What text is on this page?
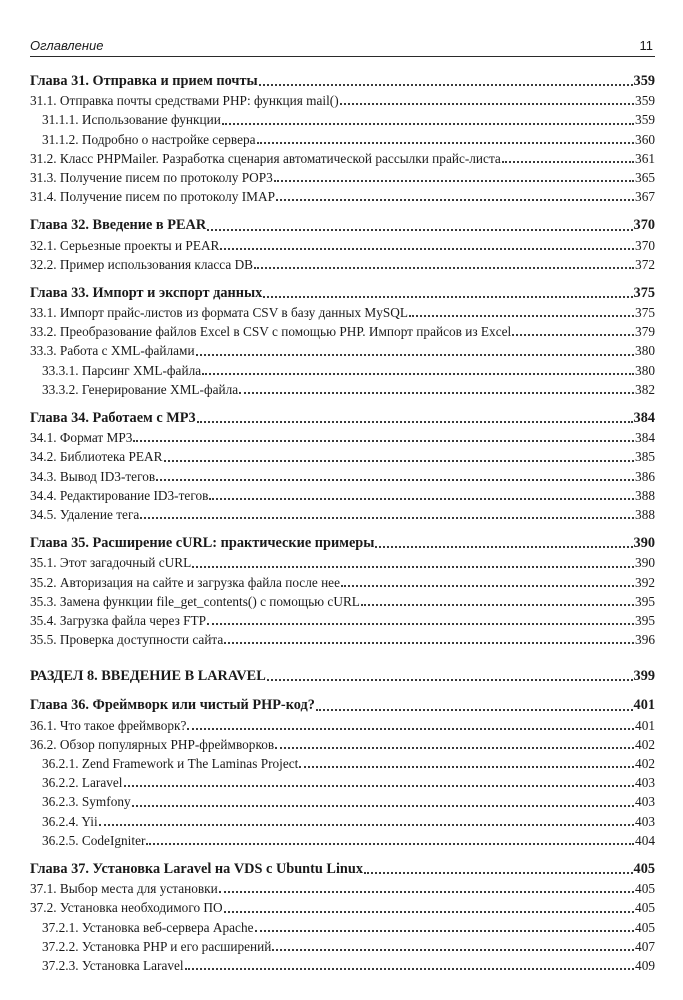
Оглавление	11
Глава 31. Отправка и прием почты	359
31.1. Отправка почты средствами PHP: функция mail()	359
31.1.1. Использование функции	359
31.1.2. Подробно о настройке сервера	360
31.2. Класс PHPMailer. Разработка сценария автоматической рассылки прайс-листа	361
31.3. Получение писем по протоколу POP3	365
31.4. Получение писем по протоколу IMAP	367
Глава 32. Введение в PEAR	370
32.1. Серьезные проекты и PEAR	370
32.2. Пример использования класса DB	372
Глава 33. Импорт и экспорт данных	375
33.1. Импорт прайс-листов из формата CSV в базу данных MySQL	375
33.2. Преобразование файлов Excel в CSV с помощью PHP. Импорт прайсов из Excel	379
33.3. Работа с XML-файлами	380
33.3.1. Парсинг XML-файла	380
33.3.2. Генерирование XML-файла	382
Глава 34. Работаем с MP3	384
34.1. Формат MP3	384
34.2. Библиотека PEAR	385
34.3. Вывод ID3-тегов	386
34.4. Редактирование ID3-тегов	388
34.5. Удаление тега	388
Глава 35. Расширение cURL: практические примеры	390
35.1. Этот загадочный cURL	390
35.2. Авторизация на сайте и загрузка файла после нее	392
35.3. Замена функции file_get_contents() с помощью cURL	395
35.4. Загрузка файла через FTP	395
35.5. Проверка доступности сайта	396
РАЗДЕЛ 8. ВВЕДЕНИЕ В LARAVEL	399
Глава 36. Фреймворк или чистый PHP-код?	401
36.1. Что такое фреймворк?	401
36.2. Обзор популярных PHP-фреймворков	402
36.2.1. Zend Framework и The Laminas Project	402
36.2.2. Laravel	403
36.2.3. Symfony	403
36.2.4. Yii	403
36.2.5. CodeIgniter	404
Глава 37. Установка Laravel на VDS с Ubuntu Linux	405
37.1. Выбор места для установки	405
37.2. Установка необходимого ПО	405
37.2.1. Установка веб-сервера Apache	405
37.2.2. Установка PHP и его расширений	407
37.2.3. Установка Laravel	409
